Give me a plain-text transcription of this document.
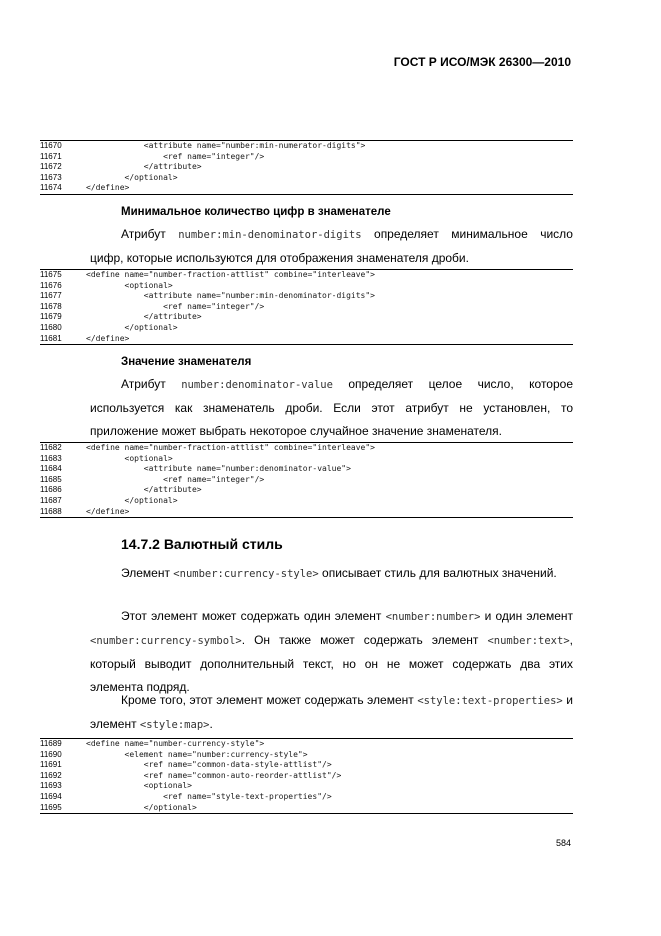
ГОСТ Р ИСО/МЭК 26300—2010
11670	<attribute name="number:min-numerator-digits">
11671	<ref name="integer"/>
11672	</attribute>
11673	</optional>
11674	</define>
Минимальное количество цифр в знаменателе
Атрибут number:min-denominator-digits определяет минимальное число цифр, которые используются для отображения знаменателя дроби.
11675	<define name="number-fraction-attlist" combine="interleave">
11676	<optional>
11677	<attribute name="number:min-denominator-digits">
11678	<ref name="integer"/>
11679	</attribute>
11680	</optional>
11681	</define>
Значение знаменателя
Атрибут number:denominator-value определяет целое число, которое используется как знаменатель дроби. Если этот атрибут не установлен, то приложение может выбрать некоторое случайное значение знаменателя.
11682	<define name="number-fraction-attlist" combine="interleave">
11683	<optional>
11684	<attribute name="number:denominator-value">
11685	<ref name="integer"/>
11686	</attribute>
11687	</optional>
11688	</define>
14.7.2 Валютный стиль
Элемент <number:currency-style> описывает стиль для валютных значений.
Этот элемент может содержать один элемент <number:number> и один элемент <number:currency-symbol>. Он также может содержать элемент <number:text>, который выводит дополнительный текст, но он не может содержать два этих элемента подряд.
Кроме того, этот элемент может содержать элемент <style:text-properties> и элемент <style:map>.
11689	<define name="number-currency-style">
11690	<element name="number:currency-style">
11691	<ref name="common-data-style-attlist"/>
11692	<ref name="common-auto-reorder-attlist"/>
11693	<optional>
11694	<ref name="style-text-properties"/>
11695	</optional>
584
